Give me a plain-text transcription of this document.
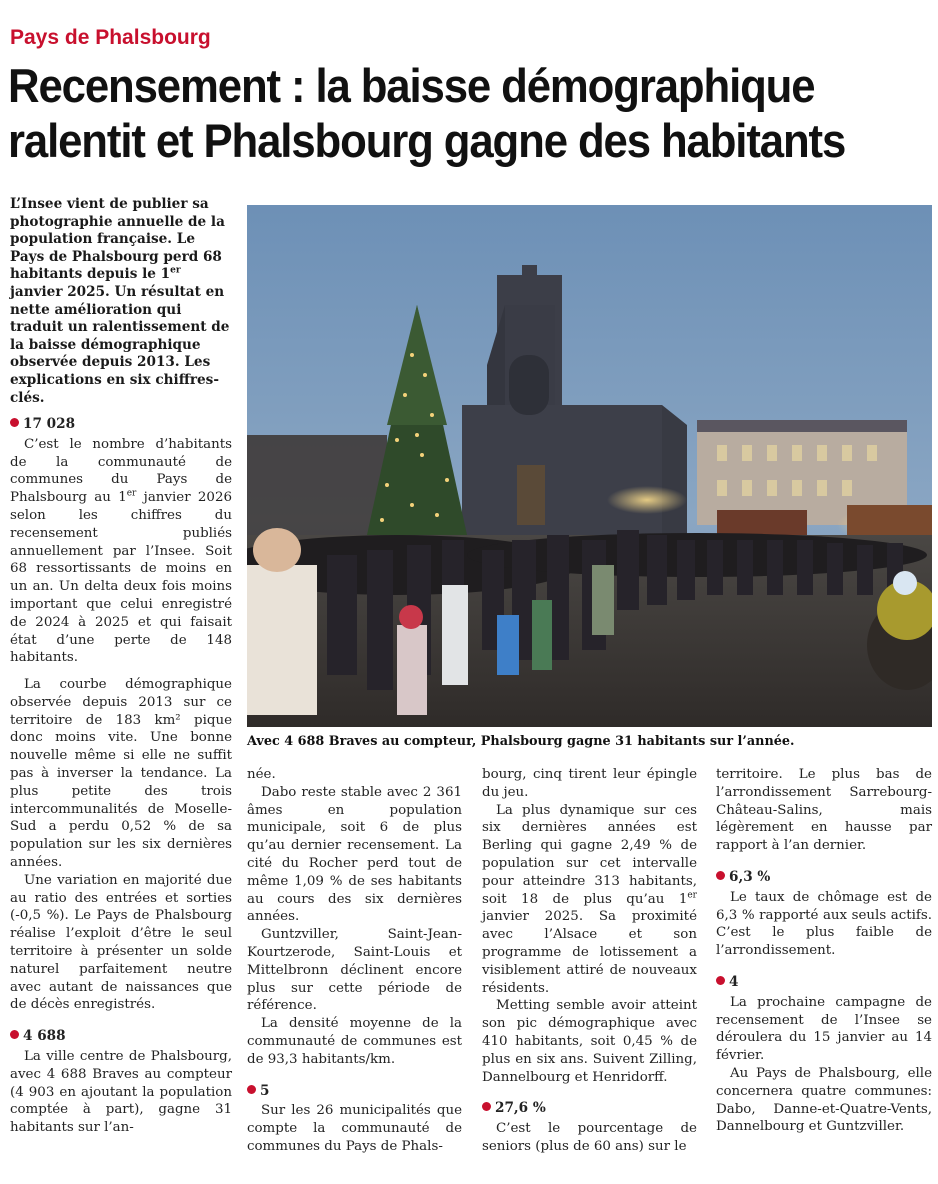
Pays de Phalsbourg
Recensement : la baisse démographique
ralentit et Phalsbourg gagne des habitants
L’Insee vient de publier sa photographie annuelle de la population française. Le Pays de Phalsbourg perd 68 habitants depuis le 1er janvier 2025. Un résultat en nette amélioration qui traduit un ralentissement de la baisse démographique observée depuis 2013. Les explications en six chiffres-clés.
17 028

C’est le nombre d’habitants de la communauté de communes du Pays de Phalsbourg au 1er janvier 2026 selon les chiffres du recensement publiés annuellement par l’Insee. Soit 68 ressortissants de moins en un an. Un delta deux fois moins important que celui enregistré de 2024 à 2025 et qui faisait état d’une perte de 148 habitants.

La courbe démographique observée depuis 2013 sur ce territoire de 183 km² pique donc moins vite. Une bonne nouvelle même si elle ne suffit pas à inverser la tendance. La plus petite des trois intercommunalités de Moselle-Sud a perdu 0,52 % de sa population sur les six dernières années.

Une variation en majorité due au ratio des entrées et sorties (-0,5 %). Le Pays de Phalsbourg réalise l’exploit d’être le seul territoire à présenter un solde naturel parfaitement neutre avec autant de naissances que de décès enregistrés.

4 688

La ville centre de Phalsbourg, avec 4 688 Braves au compteur (4 903 en ajoutant la population comptée à part), gagne 31 habitants sur l’an-

Avec 4 688 Braves au compteur, Phalsbourg gagne 31 habitants sur l’année.

née.

Dabo reste stable avec 2 361 âmes en population municipale, soit 6 de plus qu’au dernier recensement. La cité du Rocher perd tout de même 1,09 % de ses habitants au cours des six dernières années.

Guntzviller, Saint-Jean-Kourtzerode, Saint-Louis et Mittelbronn déclinent encore plus sur cette période de référence.

La densité moyenne de la communauté de communes est de 93,3 habitants/km.

5

Sur les 26 municipalités que compte la communauté de communes du Pays de Phals-

bourg, cinq tirent leur épingle du jeu.

La plus dynamique sur ces six dernières années est Berling qui gagne 2,49 % de population sur cet intervalle pour atteindre 313 habitants, soit 18 de plus qu’au 1er janvier 2025. Sa proximité avec l’Alsace et son programme de lotissement a visiblement attiré de nouveaux résidents.

Metting semble avoir atteint son pic démographique avec 410 habitants, soit 0,45 % de plus en six ans. Suivent Zilling, Dannelbourg et Henridorff.

27,6 %

C’est le pourcentage de seniors (plus de 60 ans) sur le

territoire. Le plus bas de l’arrondissement Sarrebourg-Château-Salins, mais légèrement en hausse par rapport à l’an dernier.

6,3 %

Le taux de chômage est de 6,3 % rapporté aux seuls actifs. C’est le plus faible de l’arrondissement.

4

La prochaine campagne de recensement de l’Insee se déroulera du 15 janvier au 14 février.

Au Pays de Phalsbourg, elle concernera quatre communes: Dabo, Danne-et-Quatre-Vents, Dannelbourg et Guntzviller.
